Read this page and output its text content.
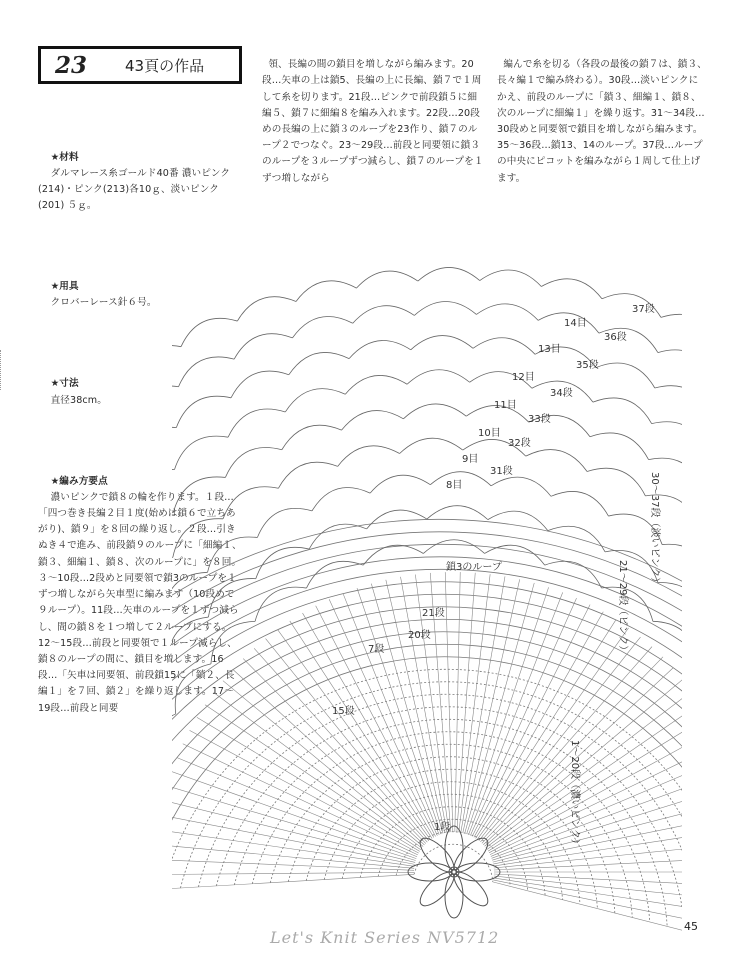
23	43頁の作品

★材料
ダルマレース糸ゴールド40番 濃いピンク(214)・ピンク(213)各10ｇ、淡いピンク(201) ５ｇ。

★用具
クロバーレース針６号。

★寸法
直径38cm。

★編み方要点
濃いピンクで鎖８の輪を作ります。１段…「四つ巻き長編２目１度(始めは鎖６で立ちあがり)、鎖９」を８回の繰り返し。２段…引きぬき４で進み、前段鎖９のループに「細編１、鎖３、細編１、鎖８、次のループに」を８回。３〜10段…2段めと同要領で鎖3のループを１ずつ増しながら矢車型に編みます（10段めで９ループ）。11段…矢車のループを１ずつ減らし、間の鎖８を１つ増して２ループにする。12〜15段…前段と同要領で１ループ減らし、鎖８のループの間に、鎖目を増します。16段…「矢車は同要領、前段鎖15に「鎖２、長編１」を７回、鎖２」を繰り返します。17〜19段…前段と同要

領、長編の間の鎖目を増しながら編みます。20段…矢車の上は鎖5、長編の上に長編、鎖７で１周して糸を切ります。21段…ピンクで前段鎖５に細編５、鎖７に細編８を編み入れます。22段…20段めの長編の上に鎖３のループを23作り、鎖７のループ２でつなぐ。23〜29段…前段と同要領に鎖３のループを３ループずつ減らし、鎖７のループを１ずつ増しながら

編んで糸を切る（各段の最後の鎖７は、鎖３、長々編１で編み終わる）。30段…淡いピンクにかえ、前段のループに「鎖３、細編１、鎖８、次のループに細編１」を繰り返す。31〜34段…30段めと同要領で鎖目を増しながら編みます。35〜36段…鎖13、14のループ。37段…ループの中央にピコットを編みながら１周して仕上げます。

37段
36段
35段
34段
33段
32段
31段
21段
20段
15段
7段
1段
14目
13目
12目
11目
10目
9目
8目
鎖3のループ	30〜37段（淡いピンク）
21〜29段（ピンク）
1〜20段（濃いピンク）
Let's Knit Series NV5712
45
